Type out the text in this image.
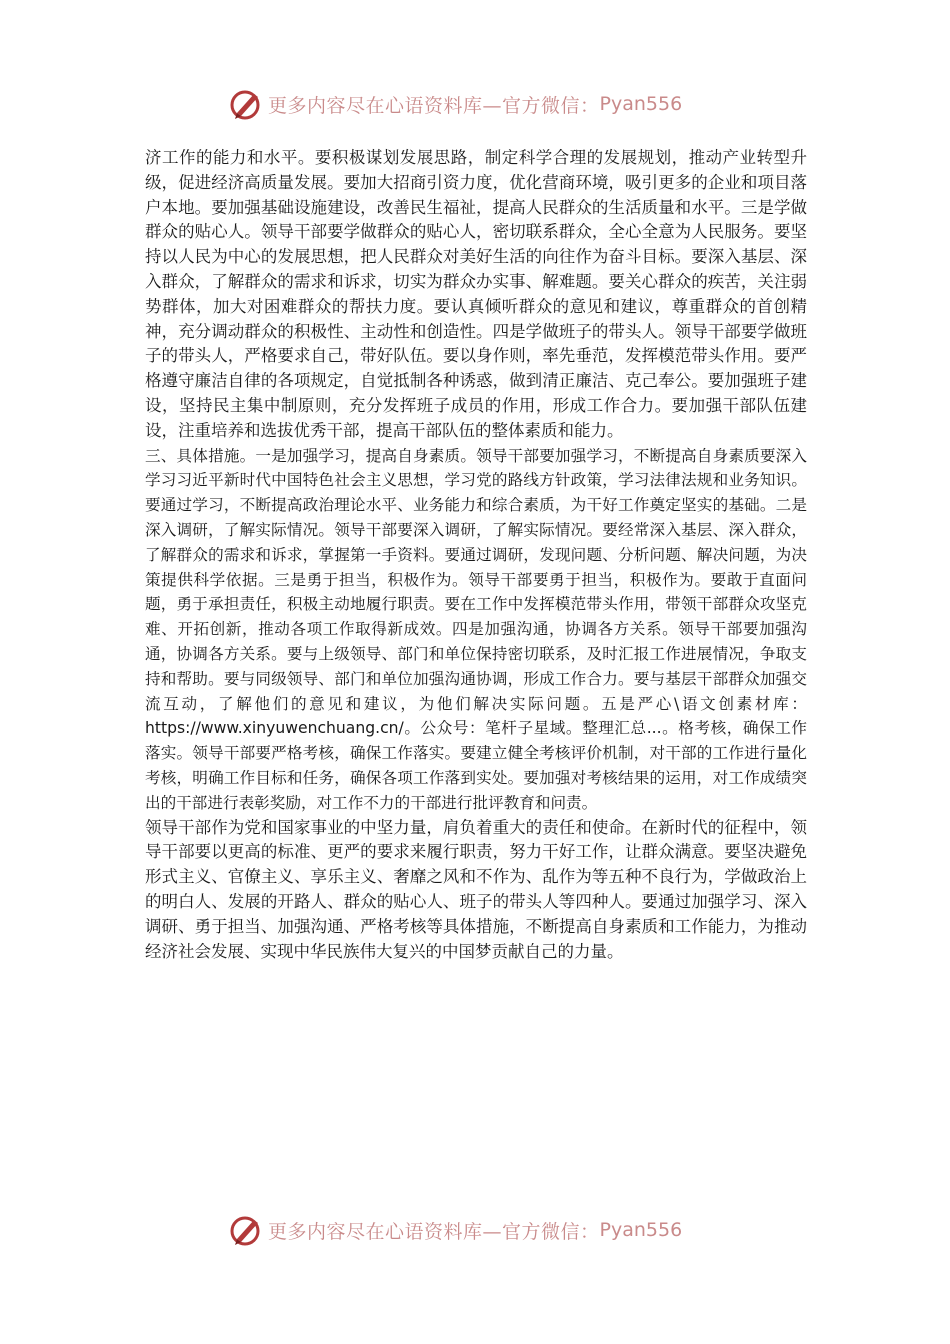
更多内容尽在心语资料库—官方微信： Pyan556

济工作的能力和水平。要积极谋划发展思路，制定科学合理的发展规划，推动产业转型升级，促进经济高质量发展。要加大招商引资力度，优化营商环境，吸引更多的企业和项目落户本地。要加强基础设施建设，改善民生福祉，提高人民群众的生活质量和水平。三是学做群众的贴心人。领导干部要学做群众的贴心人，密切联系群众，全心全意为人民服务。要坚持以人民为中心的发展思想，把人民群众对美好生活的向往作为奋斗目标。要深入基层、深入群众，了解群众的需求和诉求，切实为群众办实事、解难题。要关心群众的疾苦，关注弱势群体，加大对困难群众的帮扶力度。要认真倾听群众的意见和建议，尊重群众的首创精神，充分调动群众的积极性、主动性和创造性。四是学做班子的带头人。领导干部要学做班子的带头人，严格要求自己，带好队伍。要以身作则，率先垂范，发挥模范带头作用。要严格遵守廉洁自律的各项规定，自觉抵制各种诱惑，做到清正廉洁、克己奉公。要加强班子建设，坚持民主集中制原则，充分发挥班子成员的作用，形成工作合力。要加强干部队伍建设，注重培养和选拔优秀干部，提高干部队伍的整体素质和能力。

三、具体措施。一是加强学习，提高自身素质。领导干部要加强学习，不断提高自身素质要深入学习习近平新时代中国特色社会主义思想，学习党的路线方针政策，学习法律法规和业务知识。要通过学习，不断提高政治理论水平、业务能力和综合素质，为干好工作奠定坚实的基础。二是深入调研，了解实际情况。领导干部要深入调研，了解实际情况。要经常深入基层、深入群众，了解群众的需求和诉求，掌握第一手资料。要通过调研，发现问题、分析问题、解决问题，为决策提供科学依据。三是勇于担当，积极作为。领导干部要勇于担当，积极作为。要敢于直面问题，勇于承担责任，积极主动地履行职责。要在工作中发挥模范带头作用，带领干部群众攻坚克难、开拓创新，推动各项工作取得新成效。四是加强沟通，协调各方关系。领导干部要加强沟通，协调各方关系。要与上级领导、部门和单位保持密切联系，及时汇报工作进展情况，争取支持和帮助。要与同级领导、部门和单位加强沟通协调，形成工作合力。要与基层干部群众加强交流互动，了解他们的意见和建议，为他们解决实际问题。五是严心\语文创素材库：https://www.xinyuwenchuang.cn/。公众号：笔杆子星域。整理汇总...。格考核，确保工作落实。领导干部要严格考核，确保工作落实。要建立健全考核评价机制，对干部的工作进行量化考核，明确工作目标和任务，确保各项工作落到实处。要加强对考核结果的运用，对工作成绩突出的干部进行表彰奖励，对工作不力的干部进行批评教育和问责。

领导干部作为党和国家事业的中坚力量，肩负着重大的责任和使命。在新时代的征程中，领导干部要以更高的标准、更严的要求来履行职责，努力干好工作，让群众满意。要坚决避免形式主义、官僚主义、享乐主义、奢靡之风和不作为、乱作为等五种不良行为，学做政治上的明白人、发展的开路人、群众的贴心人、班子的带头人等四种人。要通过加强学习、深入调研、勇于担当、加强沟通、严格考核等具体措施，不断提高自身素质和工作能力，为推动经济社会发展、实现中华民族伟大复兴的中国梦贡献自己的力量。

更多内容尽在心语资料库—官方微信： Pyan556
